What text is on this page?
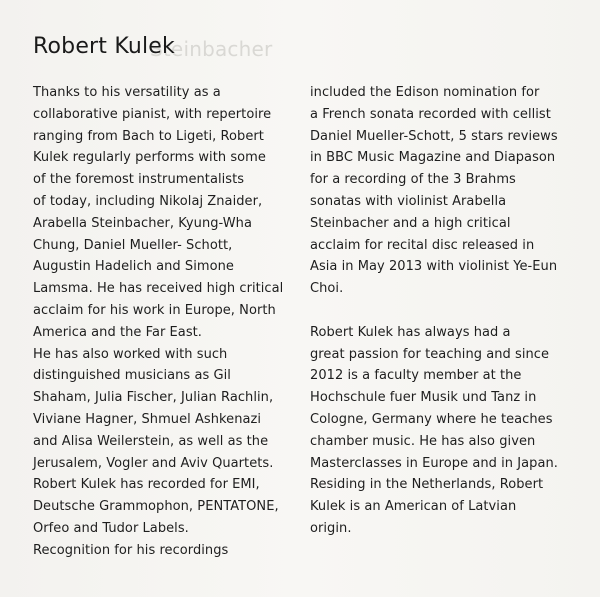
Steinbacher
Robert Kulek
Thanks to his versatility as a
collaborative pianist, with repertoire
ranging from Bach to Ligeti, Robert
Kulek regularly performs with some
of the foremost instrumentalists
of today, including Nikolaj Znaider,
Arabella Steinbacher, Kyung-Wha
Chung, Daniel Mueller- Schott,
Augustin Hadelich and Simone
Lamsma. He has received high critical
acclaim for his work in Europe, North
America and the Far East.
He has also worked with such
distinguished musicians as Gil
Shaham, Julia Fischer, Julian Rachlin,
Viviane Hagner, Shmuel Ashkenazi
and Alisa Weilerstein, as well as the
Jerusalem, Vogler and Aviv Quartets.
Robert Kulek has recorded for EMI,
Deutsche Grammophon, PENTATONE,
Orfeo and Tudor Labels.
Recognition for his recordings
included the Edison nomination for
a French sonata recorded with cellist
Daniel Mueller-Schott, 5 stars reviews
in BBC Music Magazine and Diapason
for a recording of the 3 Brahms
sonatas with violinist Arabella
Steinbacher and a high critical
acclaim for recital disc released in
Asia in May 2013 with violinist Ye-Eun
Choi.
Robert Kulek has always had a
great passion for teaching and since
2012 is a faculty member at the
Hochschule fuer Musik und Tanz in
Cologne, Germany where he teaches
chamber music. He has also given
Masterclasses in Europe and in Japan.
Residing in the Netherlands, Robert
Kulek is an American of Latvian
origin.
